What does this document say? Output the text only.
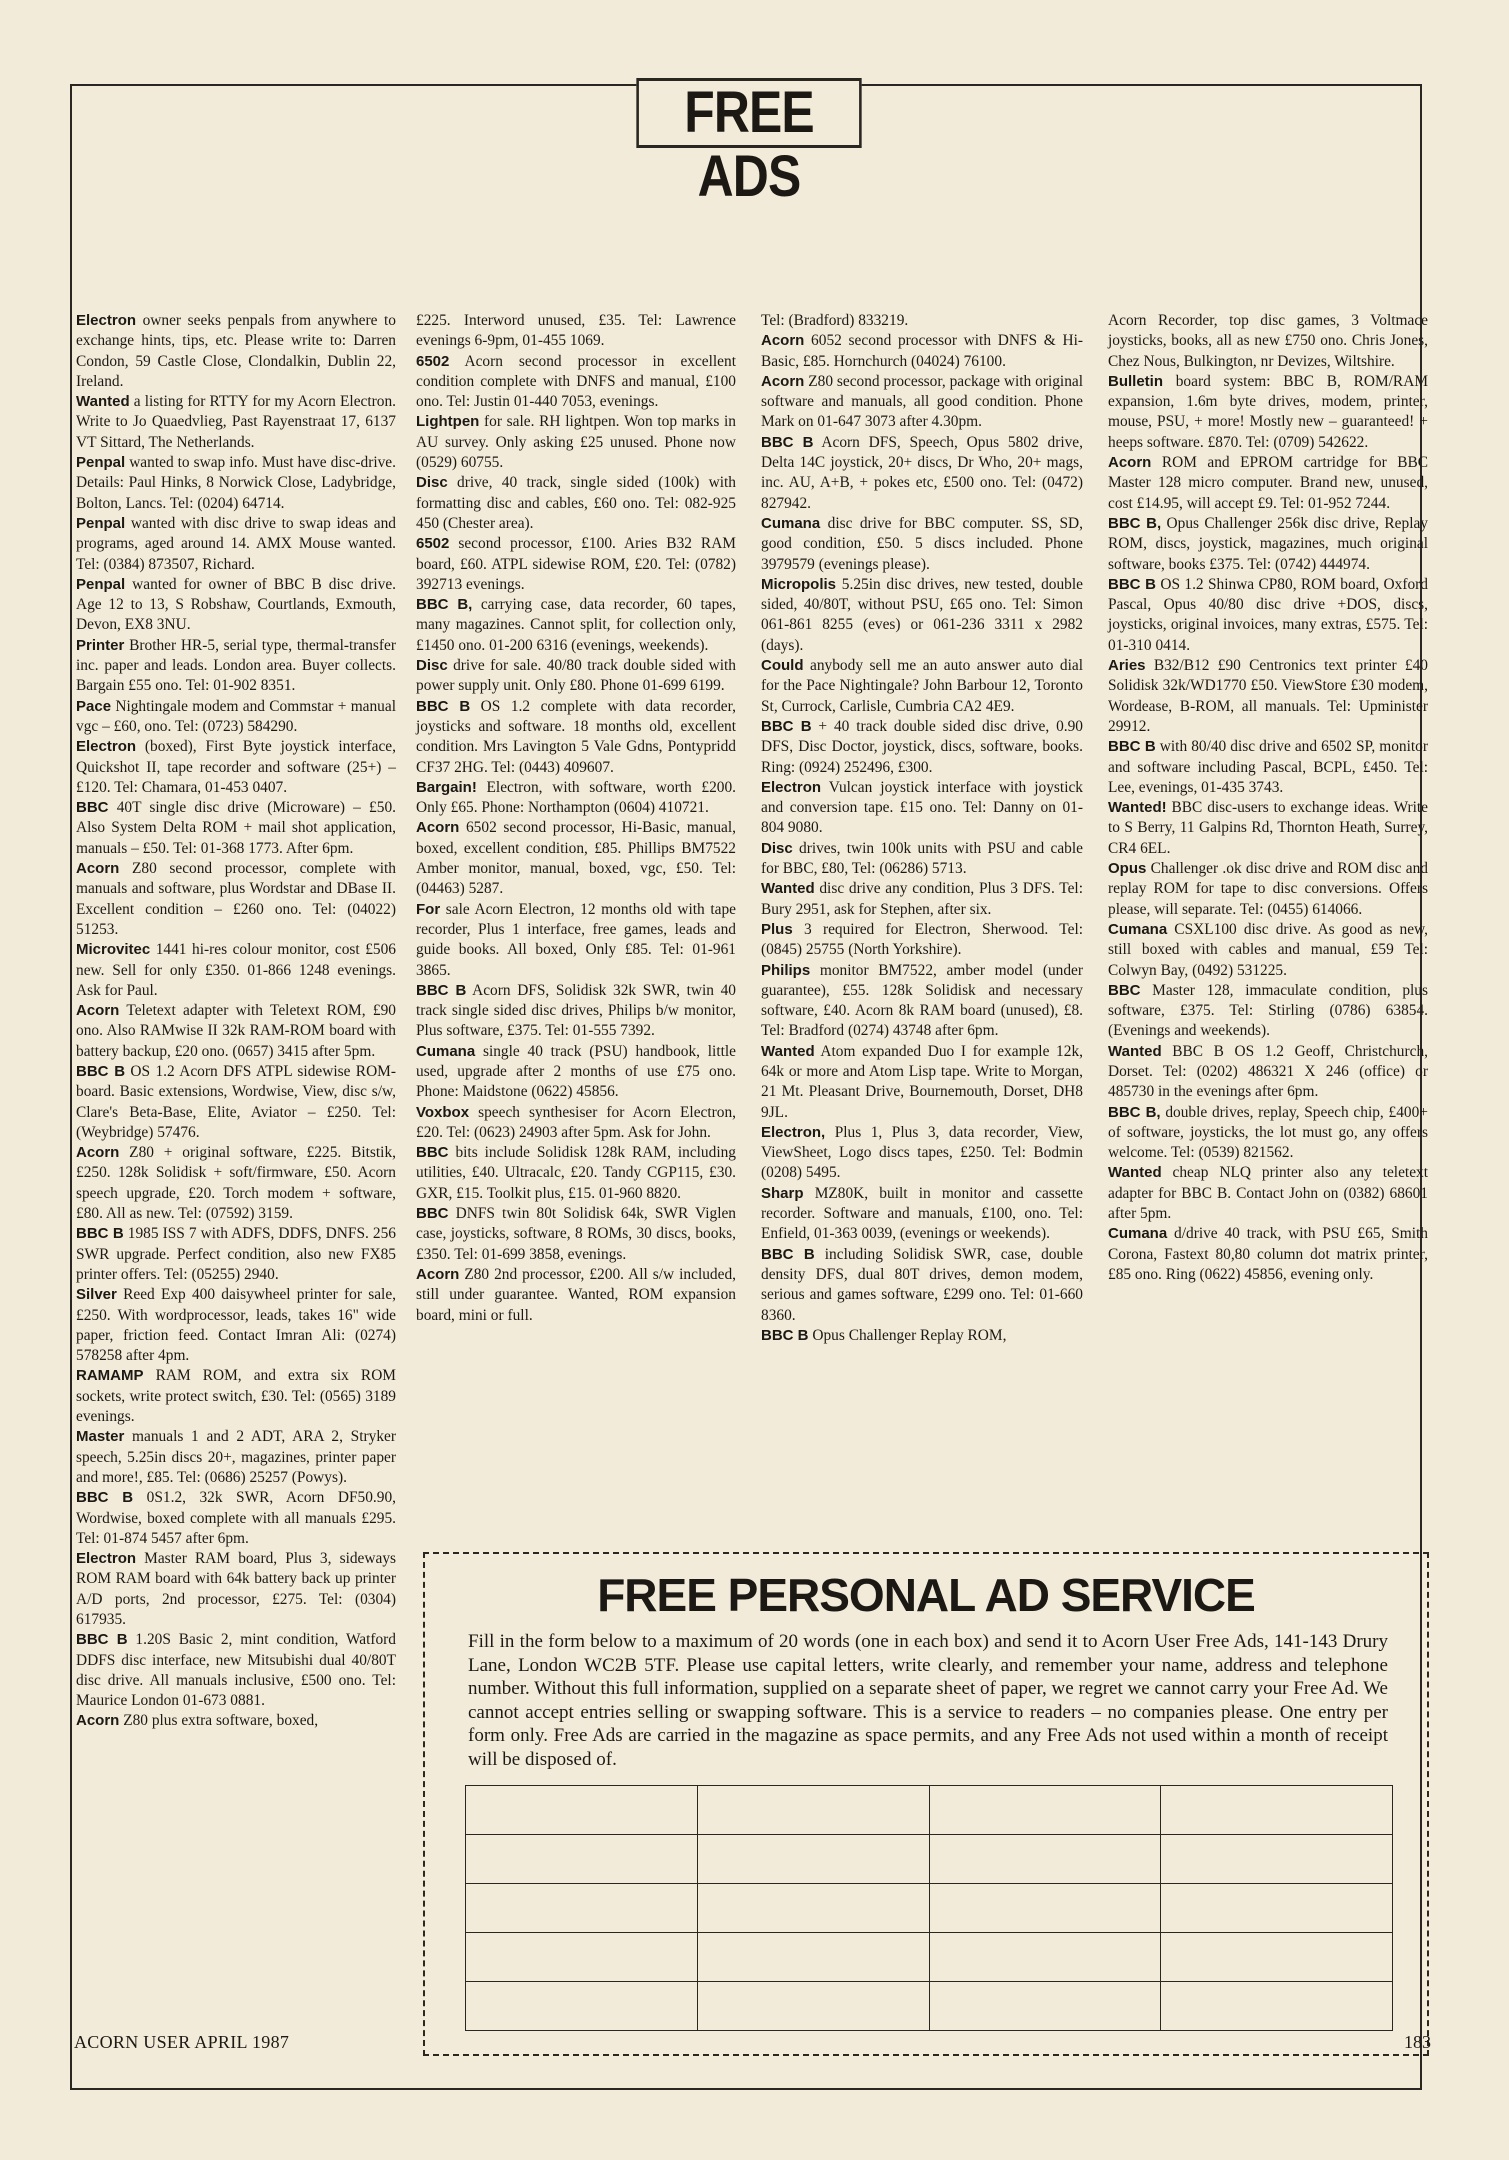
FREE ADS

Electron owner seeks penpals from anywhere to exchange hints, tips, etc. Please write to: Darren Condon, 59 Castle Close, Clondalkin, Dublin 22, Ireland.

Wanted a listing for RTTY for my Acorn Electron. Write to Jo Quaedvlieg, Past Rayenstraat 17, 6137 VT Sittard, The Netherlands.

Penpal wanted to swap info. Must have disc-drive. Details: Paul Hinks, 8 Norwick Close, Ladybridge, Bolton, Lancs. Tel: (0204) 64714.

Penpal wanted with disc drive to swap ideas and programs, aged around 14. AMX Mouse wanted. Tel: (0384) 873507, Richard.

Penpal wanted for owner of BBC B disc drive. Age 12 to 13, S Robshaw, Courtlands, Exmouth, Devon, EX8 3NU.

Printer Brother HR-5, serial type, thermal-transfer inc. paper and leads. London area. Buyer collects. Bargain £55 ono. Tel: 01-902 8351.

Pace Nightingale modem and Commstar + manual vgc – £60, ono. Tel: (0723) 584290.

Electron (boxed), First Byte joystick interface, Quickshot II, tape recorder and software (25+) – £120. Tel: Chamara, 01-453 0407.

BBC 40T single disc drive (Microware) – £50. Also System Delta ROM + mail shot application, manuals – £50. Tel: 01-368 1773. After 6pm.

Acorn Z80 second processor, complete with manuals and software, plus Wordstar and DBase II. Excellent condition – £260 ono. Tel: (04022) 51253.

Microvitec 1441 hi-res colour monitor, cost £506 new. Sell for only £350. 01-866 1248 evenings. Ask for Paul.

Acorn Teletext adapter with Teletext ROM, £90 ono. Also RAMwise II 32k RAM-ROM board with battery backup, £20 ono. (0657) 3415 after 5pm.

BBC B OS 1.2 Acorn DFS ATPL sidewise ROM-board. Basic extensions, Wordwise, View, disc s/w, Clare's Beta-Base, Elite, Aviator – £250. Tel: (Weybridge) 57476.

Acorn Z80 + original software, £225. Bitstik, £250. 128k Solidisk + soft/firmware, £50. Acorn speech upgrade, £20. Torch modem + software, £80. All as new. Tel: (07592) 3159.

BBC B 1985 ISS 7 with ADFS, DDFS, DNFS. 256 SWR upgrade. Perfect condition, also new FX85 printer offers. Tel: (05255) 2940.

Silver Reed Exp 400 daisywheel printer for sale, £250. With wordprocessor, leads, takes 16" wide paper, friction feed. Contact Imran Ali: (0274) 578258 after 4pm.

RAMAMP RAM ROM, and extra six ROM sockets, write protect switch, £30. Tel: (0565) 3189 evenings.

Master manuals 1 and 2 ADT, ARA 2, Stryker speech, 5.25in discs 20+, magazines, printer paper and more!, £85. Tel: (0686) 25257 (Powys).

BBC B 0S1.2, 32k SWR, Acorn DF50.90, Wordwise, boxed complete with all manuals £295. Tel: 01-874 5457 after 6pm.

Electron Master RAM board, Plus 3, sideways ROM RAM board with 64k battery back up printer A/D ports, 2nd processor, £275. Tel: (0304) 617935.

BBC B 1.20S Basic 2, mint condition, Watford DDFS disc interface, new Mitsubishi dual 40/80T disc drive. All manuals inclusive, £500 ono. Tel: Maurice London 01-673 0881.

Acorn Z80 plus extra software, boxed,

£225. Interword unused, £35. Tel: Lawrence evenings 6-9pm, 01-455 1069.

6502 Acorn second processor in excellent condition complete with DNFS and manual, £100 ono. Tel: Justin 01-440 7053, evenings.

Lightpen for sale. RH lightpen. Won top marks in AU survey. Only asking £25 unused. Phone now (0529) 60755.

Disc drive, 40 track, single sided (100k) with formatting disc and cables, £60 ono. Tel: 082-925 450 (Chester area).

6502 second processor, £100. Aries B32 RAM board, £60. ATPL sidewise ROM, £20. Tel: (0782) 392713 evenings.

BBC B, carrying case, data recorder, 60 tapes, many magazines. Cannot split, for collection only, £1450 ono. 01-200 6316 (evenings, weekends).

Disc drive for sale. 40/80 track double sided with power supply unit. Only £80. Phone 01-699 6199.

BBC B OS 1.2 complete with data recorder, joysticks and software. 18 months old, excellent condition. Mrs Lavington 5 Vale Gdns, Pontypridd CF37 2HG. Tel: (0443) 409607.

Bargain! Electron, with software, worth £200. Only £65. Phone: Northampton (0604) 410721.

Acorn 6502 second processor, Hi-Basic, manual, boxed, excellent condition, £85. Phillips BM7522 Amber monitor, manual, boxed, vgc, £50. Tel: (04463) 5287.

For sale Acorn Electron, 12 months old with tape recorder, Plus 1 interface, free games, leads and guide books. All boxed, Only £85. Tel: 01-961 3865.

BBC B Acorn DFS, Solidisk 32k SWR, twin 40 track single sided disc drives, Philips b/w monitor, Plus software, £375. Tel: 01-555 7392.

Cumana single 40 track (PSU) handbook, little used, upgrade after 2 months of use £75 ono. Phone: Maidstone (0622) 45856.

Voxbox speech synthesiser for Acorn Electron, £20. Tel: (0623) 24903 after 5pm. Ask for John.

BBC bits include Solidisk 128k RAM, including utilities, £40. Ultracalc, £20. Tandy CGP115, £30. GXR, £15. Toolkit plus, £15. 01-960 8820.

BBC DNFS twin 80t Solidisk 64k, SWR Viglen case, joysticks, software, 8 ROMs, 30 discs, books, £350. Tel: 01-699 3858, evenings.

Acorn Z80 2nd processor, £200. All s/w included, still under guarantee. Wanted, ROM expansion board, mini or full.

Tel: (Bradford) 833219.

Acorn 6052 second processor with DNFS & Hi-Basic, £85. Hornchurch (04024) 76100.

Acorn Z80 second processor, package with original software and manuals, all good condition. Phone Mark on 01-647 3073 after 4.30pm.

BBC B Acorn DFS, Speech, Opus 5802 drive, Delta 14C joystick, 20+ discs, Dr Who, 20+ mags, inc. AU, A+B, + pokes etc, £500 ono. Tel: (0472) 827942.

Cumana disc drive for BBC computer. SS, SD, good condition, £50. 5 discs included. Phone 3979579 (evenings please).

Micropolis 5.25in disc drives, new tested, double sided, 40/80T, without PSU, £65 ono. Tel: Simon 061-861 8255 (eves) or 061-236 3311 x 2982 (days).

Could anybody sell me an auto answer auto dial for the Pace Nightingale? John Barbour 12, Toronto St, Currock, Carlisle, Cumbria CA2 4E9.

BBC B + 40 track double sided disc drive, 0.90 DFS, Disc Doctor, joystick, discs, software, books. Ring: (0924) 252496, £300.

Electron Vulcan joystick interface with joystick and conversion tape. £15 ono. Tel: Danny on 01-804 9080.

Disc drives, twin 100k units with PSU and cable for BBC, £80, Tel: (06286) 5713.

Wanted disc drive any condition, Plus 3 DFS. Tel: Bury 2951, ask for Stephen, after six.

Plus 3 required for Electron, Sherwood. Tel: (0845) 25755 (North Yorkshire).

Philips monitor BM7522, amber model (under guarantee), £55. 128k Solidisk and necessary software, £40. Acorn 8k RAM board (unused), £8. Tel: Bradford (0274) 43748 after 6pm.

Wanted Atom expanded Duo I for example 12k, 64k or more and Atom Lisp tape. Write to Morgan, 21 Mt. Pleasant Drive, Bournemouth, Dorset, DH8 9JL.

Electron, Plus 1, Plus 3, data recorder, View, ViewSheet, Logo discs tapes, £250. Tel: Bodmin (0208) 5495.

Sharp MZ80K, built in monitor and cassette recorder. Software and manuals, £100, ono. Tel: Enfield, 01-363 0039, (evenings or weekends).

BBC B including Solidisk SWR, case, double density DFS, dual 80T drives, demon modem, serious and games software, £299 ono. Tel: 01-660 8360.

BBC B Opus Challenger Replay ROM,

Acorn Recorder, top disc games, 3 Voltmace joysticks, books, all as new £750 ono. Chris Jones, Chez Nous, Bulkington, nr Devizes, Wiltshire.

Bulletin board system: BBC B, ROM/RAM expansion, 1.6m byte drives, modem, printer, mouse, PSU, + more! Mostly new – guaranteed! + heeps software. £870. Tel: (0709) 542622.

Acorn ROM and EPROM cartridge for BBC Master 128 micro computer. Brand new, unused, cost £14.95, will accept £9. Tel: 01-952 7244.

BBC B, Opus Challenger 256k disc drive, Replay ROM, discs, joystick, magazines, much original software, books £375. Tel: (0742) 444974.

BBC B OS 1.2 Shinwa CP80, ROM board, Oxford Pascal, Opus 40/80 disc drive +DOS, discs, joysticks, original invoices, many extras, £575. Tel: 01-310 0414.

Aries B32/B12 £90 Centronics text printer £40 Solidisk 32k/WD1770 £50. ViewStore £30 modem, Wordease, B-ROM, all manuals. Tel: Upminister 29912.

BBC B with 80/40 disc drive and 6502 SP, monitor and software including Pascal, BCPL, £450. Tel: Lee, evenings, 01-435 3743.

Wanted! BBC disc-users to exchange ideas. Write to S Berry, 11 Galpins Rd, Thornton Heath, Surrey, CR4 6EL.

Opus Challenger .ok disc drive and ROM disc and replay ROM for tape to disc conversions. Offers please, will separate. Tel: (0455) 614066.

Cumana CSXL100 disc drive. As good as new, still boxed with cables and manual, £59 Tel: Colwyn Bay, (0492) 531225.

BBC Master 128, immaculate condition, plus software, £375. Tel: Stirling (0786) 63854. (Evenings and weekends).

Wanted BBC B OS 1.2 Geoff, Christchurch, Dorset. Tel: (0202) 486321 X 246 (office) or 485730 in the evenings after 6pm.

BBC B, double drives, replay, Speech chip, £400+ of software, joysticks, the lot must go, any offers welcome. Tel: (0539) 821562.

Wanted cheap NLQ printer also any teletext adapter for BBC B. Contact John on (0382) 68601 after 5pm.

Cumana d/drive 40 track, with PSU £65, Smith Corona, Fastext 80,80 column dot matrix printer, £85 ono. Ring (0622) 45856, evening only.

FREE PERSONAL AD SERVICE
Fill in the form below to a maximum of 20 words (one in each box) and send it to Acorn User Free Ads, 141-143 Drury Lane, London WC2B 5TF. Please use capital letters, write clearly, and remember your name, address and telephone number. Without this full information, supplied on a separate sheet of paper, we regret we cannot carry your Free Ad. We cannot accept entries selling or swapping software. This is a service to readers – no companies please. One entry per form only. Free Ads are carried in the magazine as space permits, and any Free Ads not used within a month of receipt will be disposed of.

ACORN USER APRIL 1987	183
